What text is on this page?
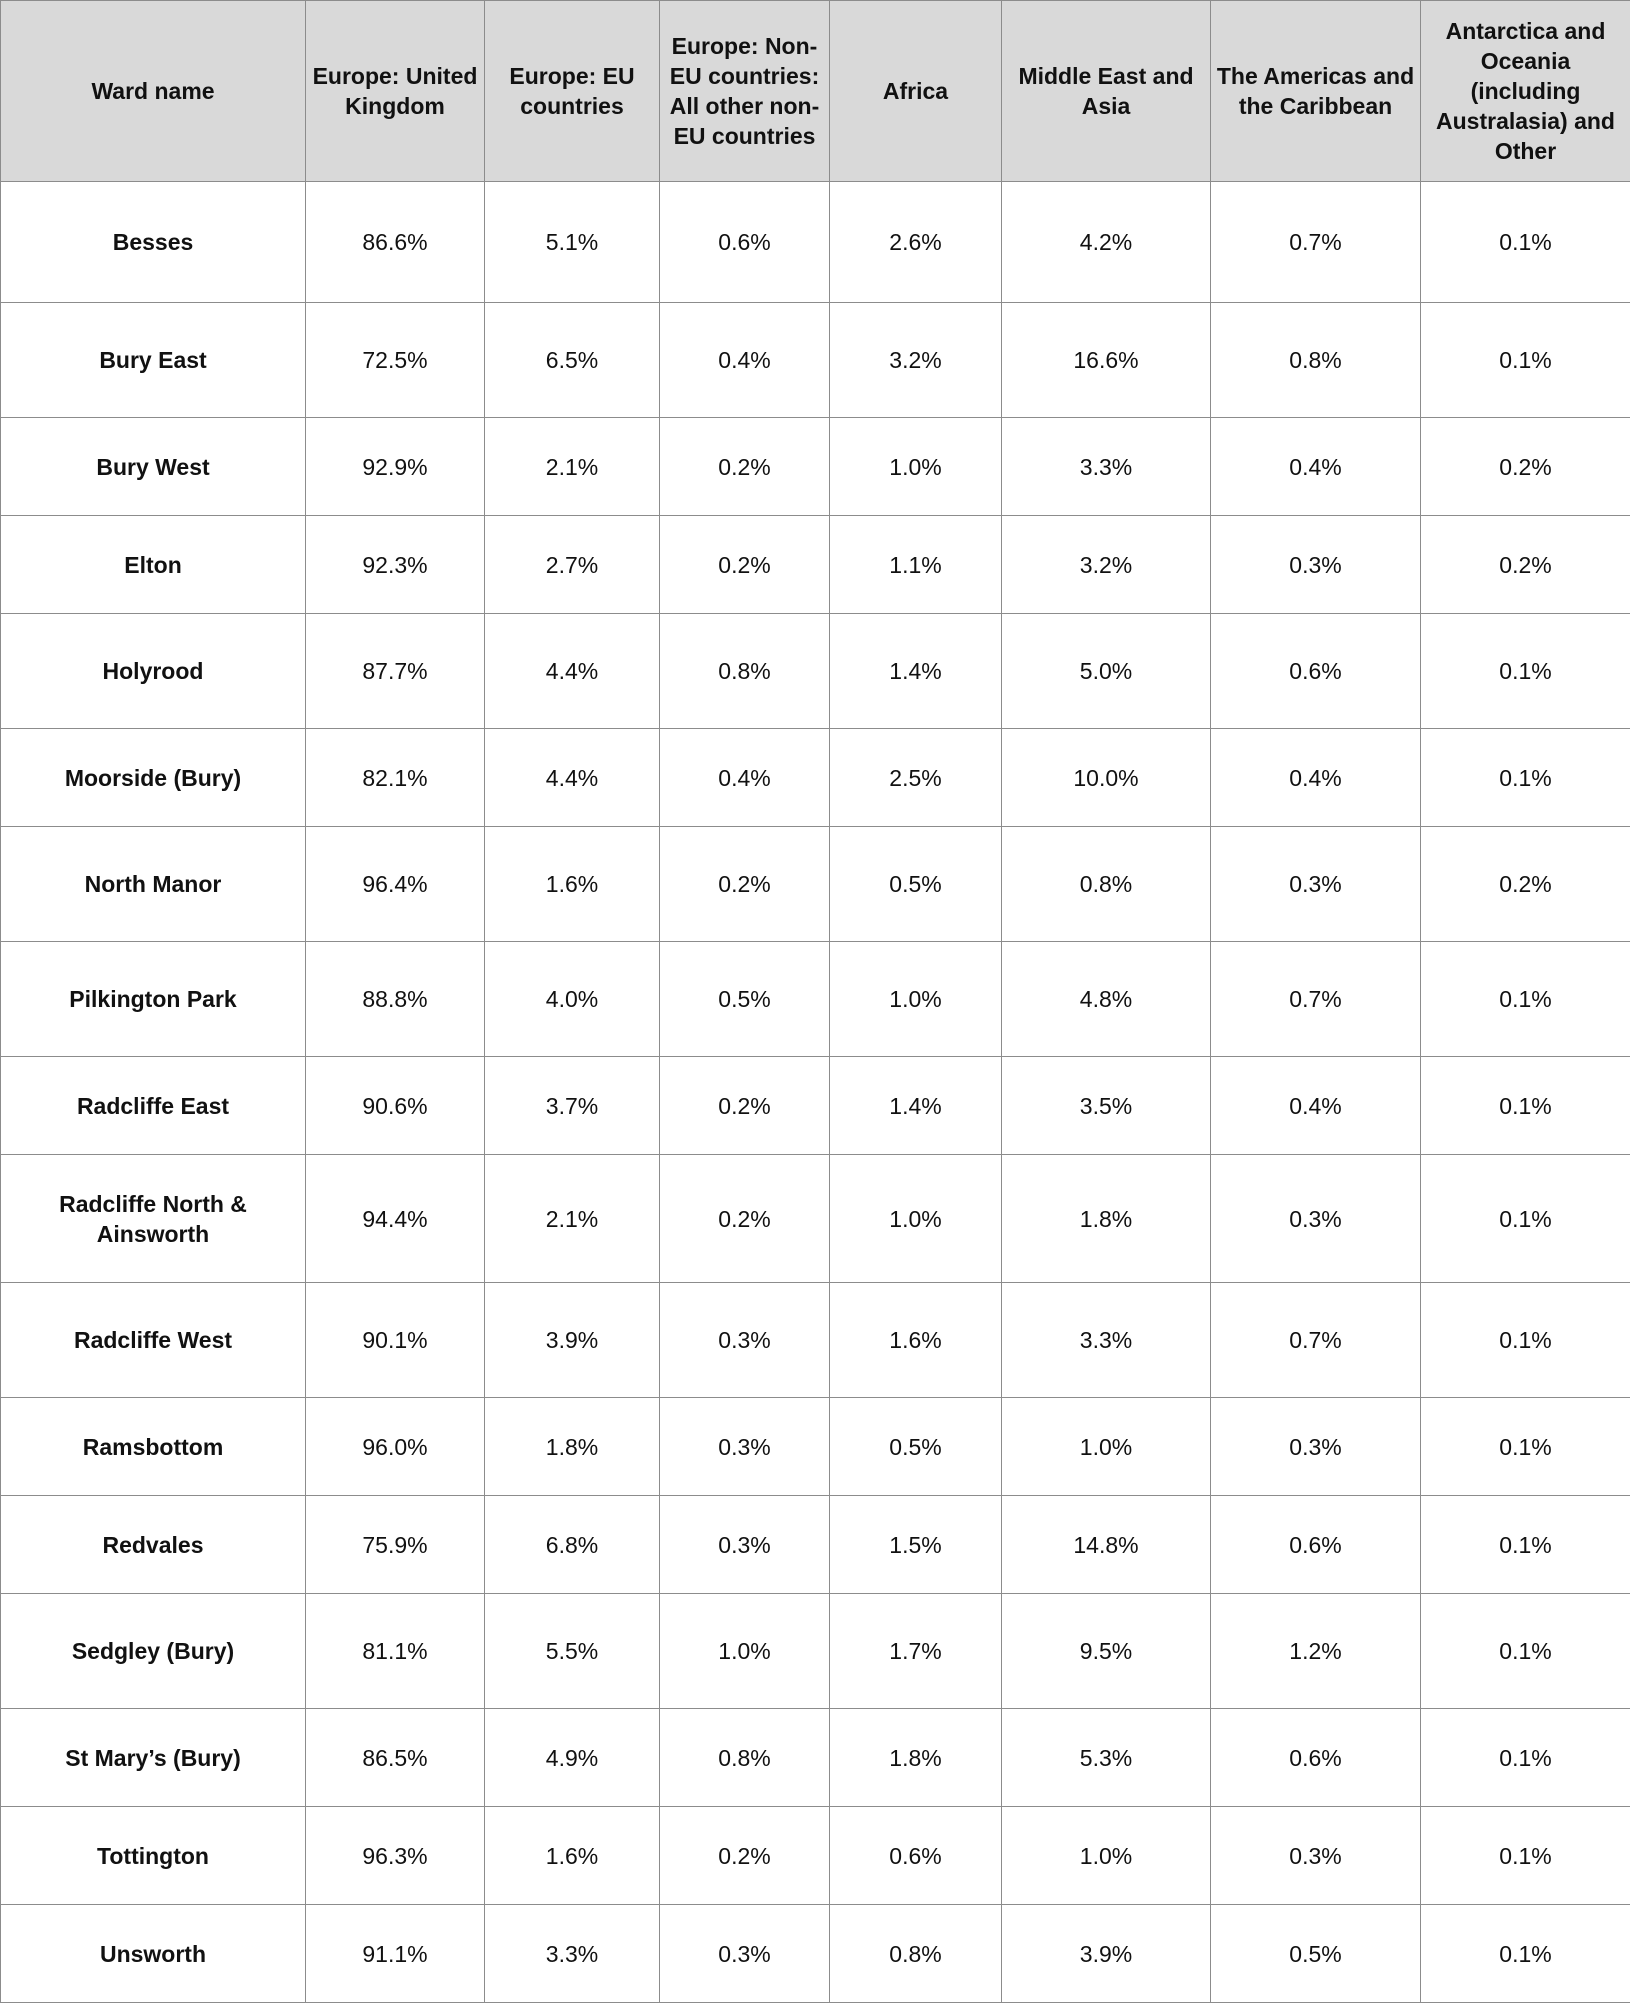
Ward name	Europe: United Kingdom	Europe: EU countries	Europe: Non-EU countries: All other non-EU countries	Africa	Middle East and Asia	The Americas and the Caribbean	Antarctica and Oceania (including Australasia) and Other
Besses	86.6%	5.1%	0.6%	2.6%	4.2%	0.7%	0.1%
Bury East	72.5%	6.5%	0.4%	3.2%	16.6%	0.8%	0.1%
Bury West	92.9%	2.1%	0.2%	1.0%	3.3%	0.4%	0.2%
Elton	92.3%	2.7%	0.2%	1.1%	3.2%	0.3%	0.2%
Holyrood	87.7%	4.4%	0.8%	1.4%	5.0%	0.6%	0.1%
Moorside (Bury)	82.1%	4.4%	0.4%	2.5%	10.0%	0.4%	0.1%
North Manor	96.4%	1.6%	0.2%	0.5%	0.8%	0.3%	0.2%
Pilkington Park	88.8%	4.0%	0.5%	1.0%	4.8%	0.7%	0.1%
Radcliffe East	90.6%	3.7%	0.2%	1.4%	3.5%	0.4%	0.1%
Radcliffe North & Ainsworth	94.4%	2.1%	0.2%	1.0%	1.8%	0.3%	0.1%
Radcliffe West	90.1%	3.9%	0.3%	1.6%	3.3%	0.7%	0.1%
Ramsbottom	96.0%	1.8%	0.3%	0.5%	1.0%	0.3%	0.1%
Redvales	75.9%	6.8%	0.3%	1.5%	14.8%	0.6%	0.1%
Sedgley (Bury)	81.1%	5.5%	1.0%	1.7%	9.5%	1.2%	0.1%
St Mary’s (Bury)	86.5%	4.9%	0.8%	1.8%	5.3%	0.6%	0.1%
Tottington	96.3%	1.6%	0.2%	0.6%	1.0%	0.3%	0.1%
Unsworth	91.1%	3.3%	0.3%	0.8%	3.9%	0.5%	0.1%
